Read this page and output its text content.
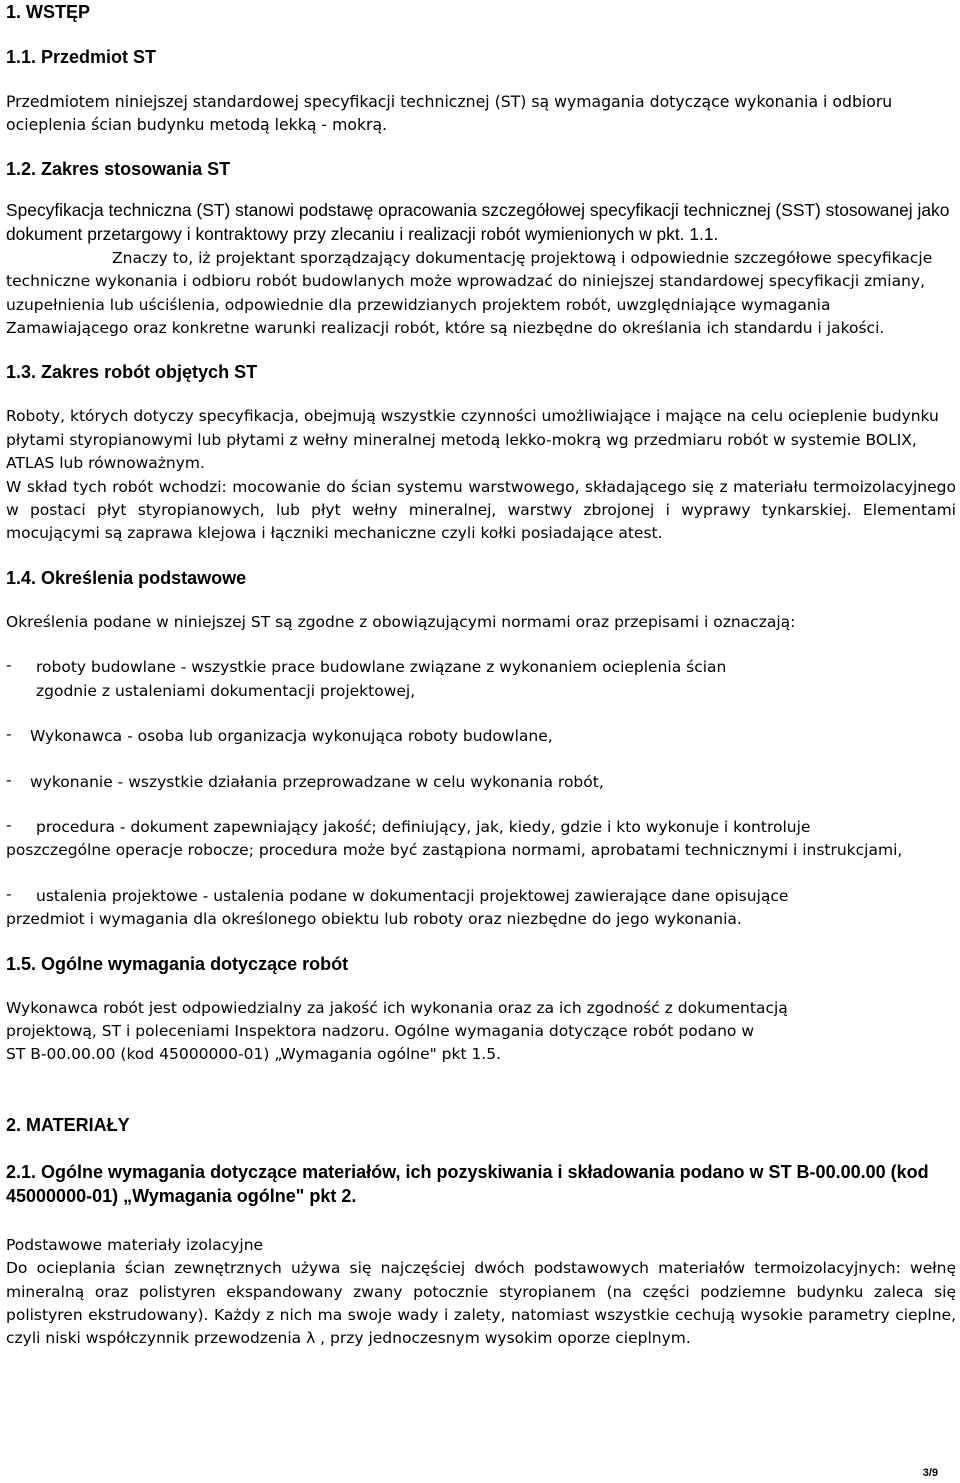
1. WSTĘP
1.1. Przedmiot ST

Przedmiotem niniejszej standardowej specyfikacji technicznej (ST) są wymagania dotyczące wykonania i odbioru ocieplenia ścian budynku metodą lekką - mokrą.

1.2. Zakres stosowania ST

Specyfikacja techniczna (ST) stanowi podstawę opracowania szczegółowej specyfikacji technicznej (SST) stosowanej jako dokument przetargowy i kontraktowy przy zlecaniu i realizacji robót wymienionych w pkt. 1.1.

Znaczy to, iż projektant sporządzający dokumentację projektową i odpowiednie szczegółowe specyfikacje techniczne wykonania i odbioru robót budowlanych może wprowadzać do niniejszej standardowej specyfikacji zmiany, uzupełnienia lub uściślenia, odpowiednie dla przewidzianych projektem robót, uwzględniające wymagania Zamawiającego oraz konkretne warunki realizacji robót, które są niezbędne do określania ich standardu i jakości.

1.3. Zakres robót objętych ST

Roboty, których dotyczy specyfikacja, obejmują wszystkie czynności umożliwiające i mające na celu ocieplenie budynku płytami styropianowymi lub płytami z wełny mineralnej metodą lekko-mokrą wg przedmiaru robót w systemie BOLIX, ATLAS lub równoważnym.

W skład tych robót wchodzi: mocowanie do ścian systemu warstwowego, składającego się z materiału termoizolacyjnego w postaci płyt styropianowych, lub płyt wełny mineralnej, warstwy zbrojonej i wyprawy tynkarskiej. Elementami mocującymi są zaprawa klejowa i łączniki mechaniczne czyli kołki posiadające atest.

1.4. Określenia podstawowe

Określenia podane w niniejszej ST są zgodne z obowiązującymi normami oraz przepisami i oznaczają:

-	roboty budowlane - wszystkie prace budowlane związane z wykonaniem ocieplenia ścian

zgodnie z ustaleniami dokumentacji projektowej,

-	Wykonawca - osoba lub organizacja wykonująca roboty budowlane,

-	wykonanie - wszystkie działania przeprowadzane w celu wykonania robót,

-	procedura - dokument zapewniający jakość; definiujący, jak, kiedy, gdzie i kto wykonuje i kontroluje

poszczególne operacje robocze; procedura może być zastąpiona normami, aprobatami technicznymi i instrukcjami,

-	ustalenia projektowe - ustalenia podane w dokumentacji projektowej zawierające dane opisujące

przedmiot i wymagania dla określonego obiektu lub roboty oraz niezbędne do jego wykonania.

1.5. Ogólne wymagania dotyczące robót

Wykonawca robót jest odpowiedzialny za jakość ich wykonania oraz za ich zgodność z dokumentacją

projektową, ST i poleceniami Inspektora nadzoru. Ogólne wymagania dotyczące robót podano w

ST B-00.00.00 (kod 45000000-01) „Wymagania ogólne" pkt 1.5.

2. MATERIAŁY
2.1. Ogólne wymagania dotyczące materiałów, ich pozyskiwania i składowania podano w ST B-00.00.00 (kod 45000000-01) „Wymagania ogólne" pkt 2.

Podstawowe materiały izolacyjne

Do ocieplania ścian zewnętrznych używa się najczęściej dwóch podstawowych materiałów termoizolacyjnych: wełnę mineralną oraz polistyren ekspandowany zwany potocznie styropianem (na części podziemne budynku zaleca się polistyren ekstrudowany). Każdy z nich ma swoje wady i zalety, natomiast wszystkie cechują wysokie parametry cieplne, czyli niski współczynnik przewodzenia λ , przy jednoczesnym wysokim oporze cieplnym.

3/9
